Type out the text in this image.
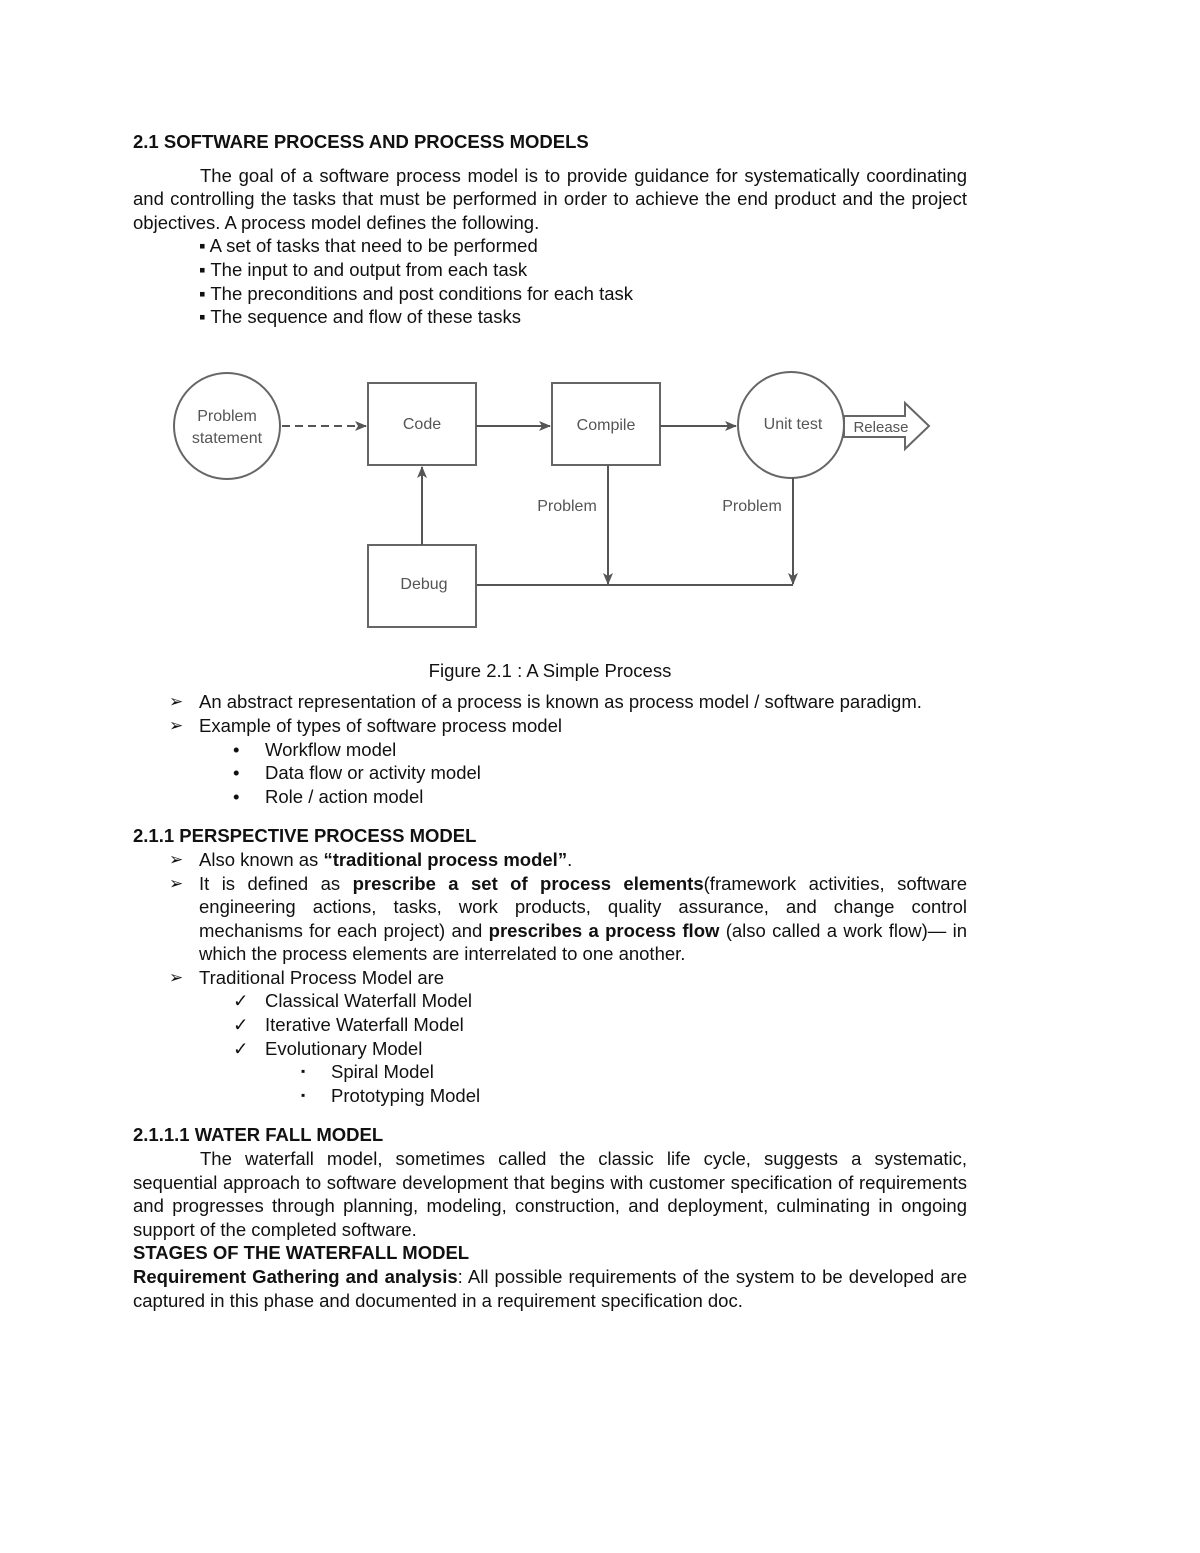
2.1 SOFTWARE PROCESS AND PROCESS MODELS

The goal of a software process model is to provide guidance for systematically coordinating and controlling the tasks that must be performed in order to achieve the end product and the project objectives. A process model defines the following.

▪ A set of tasks that need to be performed
▪ The input to and output from each task
▪ The preconditions and post conditions for each task
▪ The sequence and flow of these tasks
Problem
statement
Code	Compile	Unit test Release
Problem	Problem
Debug

Figure 2.1 : A Simple Process

➢ An abstract representation of a process is known as process model / software paradigm.
➢ Example of types of software process model
• Workflow model
• Data flow or activity model
• Role / action model

2.1.1 PERSPECTIVE PROCESS MODEL

➢ Also known as “traditional process model”.
➢ It is defined as prescribe a set of process elements(framework activities, software engineering actions, tasks, work products, quality assurance, and change control mechanisms for each project) and prescribes a process flow (also called a work flow)— in which the process elements are interrelated to one another.
➢ Traditional Process Model are
✓ Classical Waterfall Model
✓ Iterative Waterfall Model
✓ Evolutionary Model
▪ Spiral Model
▪ Prototyping Model

2.1.1.1 WATER FALL MODEL

The waterfall model, sometimes called the classic life cycle, suggests a systematic, sequential approach to software development that begins with customer specification of requirements and progresses through planning, modeling, construction, and deployment, culminating in ongoing support of the completed software.

STAGES OF THE WATERFALL MODEL

Requirement Gathering and analysis: All possible requirements of the system to be developed are captured in this phase and documented in a requirement specification doc.
